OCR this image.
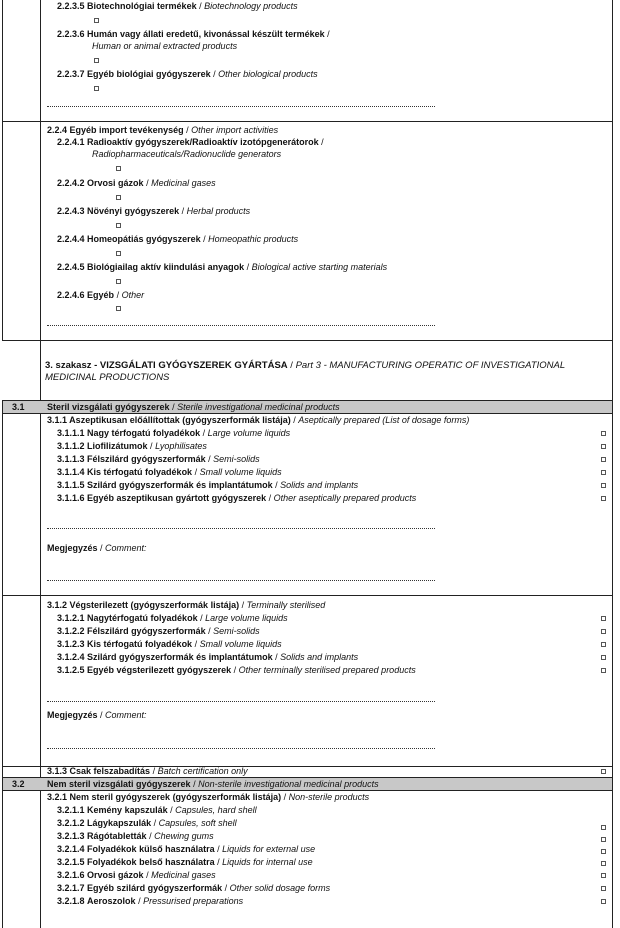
2.2.3.5 Biotechnológiai termékek / Biotechnology products
2.2.3.6 Humán vagy állati eredetű, kivonással készült termékek /
Human or animal extracted products
2.2.3.7 Egyéb biológiai gyógyszerek / Other biological products
2.2.4 Egyéb import tevékenység / Other import activities
2.2.4.1 Radioaktív gyógyszerek/Radioaktív izotópgenerátorok /
Radiopharmaceuticals/Radionuclide generators
2.2.4.2 Orvosi gázok / Medicinal gases
2.2.4.3 Növényi gyógyszerek / Herbal products
2.2.4.4 Homeopátiás gyógyszerek / Homeopathic products
2.2.4.5 Biológiailag aktív kiindulási anyagok / Biological active starting materials
2.2.4.6 Egyéb / Other
3. szakasz - VIZSGÁLATI GYÓGYSZEREK GYÁRTÁSA / Part 3 - MANUFACTURING OPERATIC OF INVESTIGATIONAL MEDICINAL PRODUCTIONS
3.1 Steril vizsgálati gyógyszerek / Sterile investigational medicinal products
3.1.1 Aszeptikusan előállítottak (gyógyszerformák listája) / Aseptically prepared (List of dosage forms)
3.1.1.1 Nagy térfogatú folyadékok / Large volume liquids
3.1.1.2 Liofilizátumok / Lyophilisates
3.1.1.3 Félszilárd gyógyszerformák / Semi-solids
3.1.1.4 Kis térfogatú folyadékok / Small volume liquids
3.1.1.5 Szilárd gyógyszerformák és implantátumok / Solids and implants
3.1.1.6 Egyéb aszeptikusan gyártott gyógyszerek / Other aseptically prepared products
Megjegyzés / Comment:
3.1.2 Végsterilezett (gyógyszerformák listája) / Terminally sterilised
3.1.2.1 Nagytérfogatú folyadékok / Large volume liquids
3.1.2.2 Félszilárd gyógyszerformák / Semi-solids
3.1.2.3 Kis térfogatú folyadékok / Small volume liquids
3.1.2.4 Szilárd gyógyszerformák és implantátumok / Solids and implants
3.1.2.5 Egyéb végsterilezett gyógyszerek / Other terminally sterilised prepared products
Megjegyzés / Comment:
3.1.3 Csak felszabadítás / Batch certification only
3.2 Nem steril vizsgálati gyógyszerek / Non-sterile investigational medicinal products
3.2.1 Nem steril gyógyszerek (gyógyszerformák listája) / Non-sterile products
3.2.1.1 Kemény kapszulák / Capsules, hard shell
3.2.1.2 Lágykapszulák / Capsules, soft shell
3.2.1.3 Rágótabletták / Chewing gums
3.2.1.4 Folyadékok külső használatra / Liquids for external use
3.2.1.5 Folyadékok belső használatra / Liquids for internal use
3.2.1.6 Orvosi gázok / Medicinal gases
3.2.1.7 Egyéb szilárd gyógyszerformák / Other solid dosage forms
3.2.1.8 Aeroszolok / Pressurised preparations
